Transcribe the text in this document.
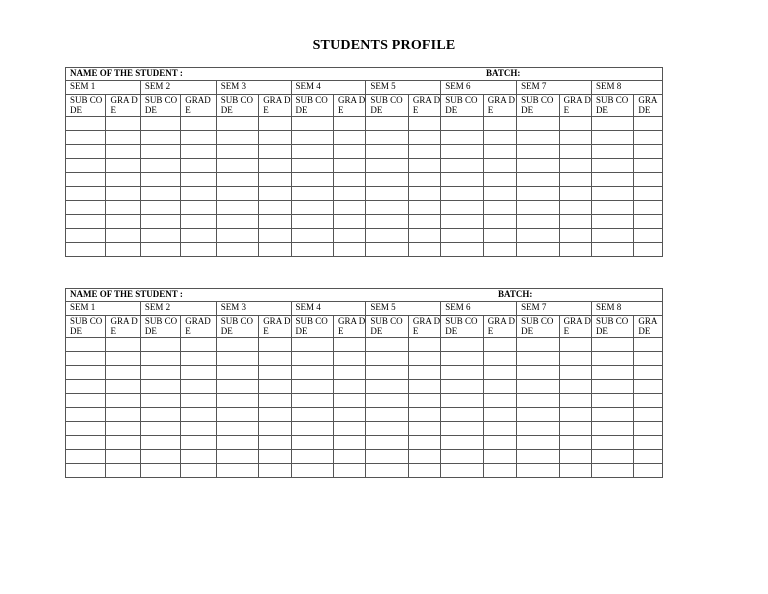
STUDENTS PROFILE
NAME OF THE STUDENT : BATCH:															

SEM 1		SEM 2		SEM 3		SEM 4		SEM 5		SEM 6		SEM 7		SEM 8	
SUB CODE	GRA DE	SUB CODE	GRAD E	SUB CODE	GRA DE	SUB CODE	GRA DE	SUB CODE	GRA DE	SUB CODE	GRA DE	SUB CODE	GRA DE	SUB CODE	GRA DE

NAME OF THE STUDENT : BATCH:															

SEM 1		SEM 2		SEM 3		SEM 4		SEM 5		SEM 6		SEM 7		SEM 8	
SUB CODE	GRA DE	SUB CODE	GRAD E	SUB CODE	GRA DE	SUB CODE	GRA DE	SUB CODE	GRA DE	SUB CODE	GRA DE	SUB CODE	GRA DE	SUB CODE	GRA DE
